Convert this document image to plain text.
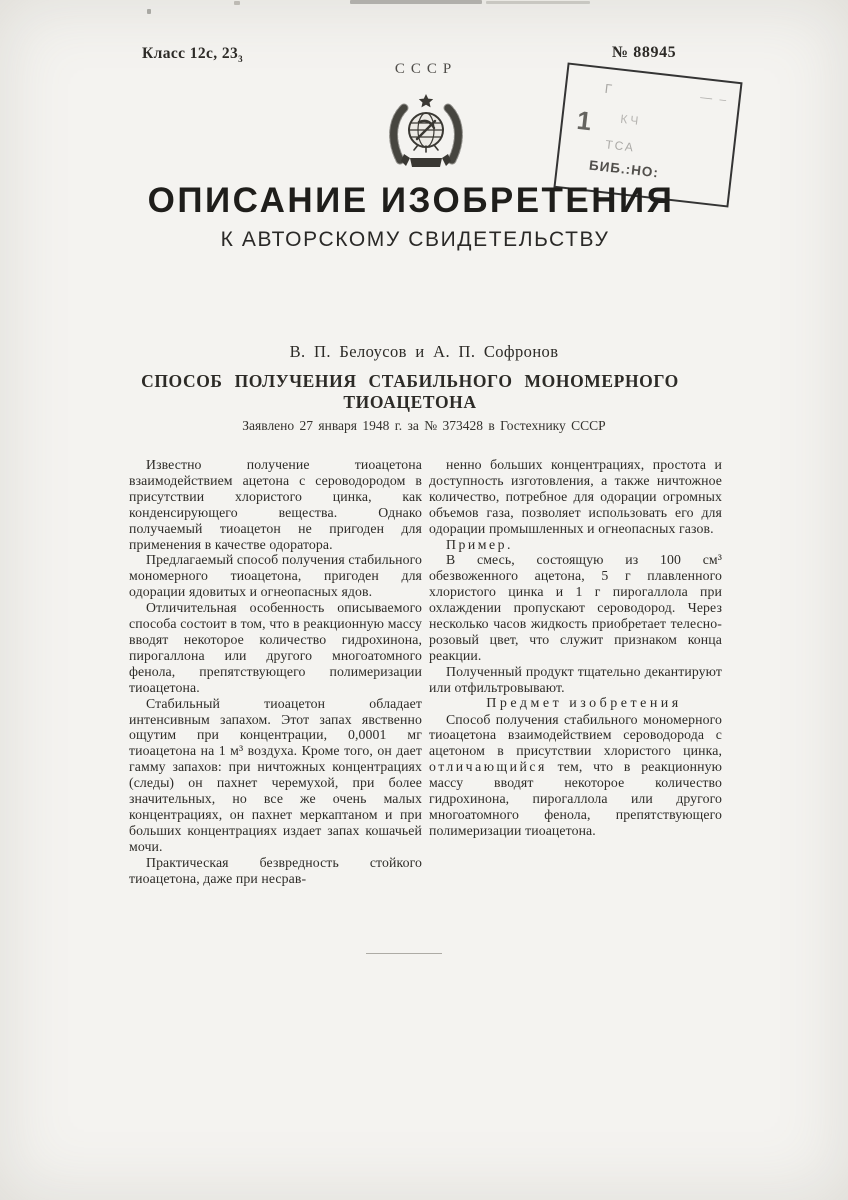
Класс 12с, $23_3$	№ 88945
СССР
Г
— –
1 КЧ
ТСА
БИБ.:НО:
ОПИСАНИЕ ИЗОБРЕТЕНИЯ
К АВТОРСКОМУ СВИДЕТЕЛЬСТВУ
В. П. Белоусов и А. П. Софронов
СПОСОБ ПОЛУЧЕНИЯ СТАБИЛЬНОГО МОНОМЕРНОГО
ТИОАЦЕТОНА
Заявлено 27 января 1948 г. за № 373428 в Гостехнику СССР

Известно получение тиоацетона взаимодействием ацетона с сероводородом в присутствии хлористого цинка, как конденсирующего вещества. Однако получаемый тиоацетон не пригоден для применения в качестве одоратора.

Предлагаемый способ получения стабильного мономерного тиоацетона, пригоден для одорации ядовитых и огнеопасных ядов.

Отличительная особенность описываемого способа состоит в том, что в реакционную массу вводят некоторое количество гидрохинона, пирогаллона или другого многоатомного фенола, препятствующего полимеризации тиоацетона.

Стабильный тиоацетон обладает интенсивным запахом. Этот запах явственно ощутим при концентрации, 0,0001 мг тиоацетона на 1 м³ воздуха. Кроме того, он дает гамму запахов: при ничтожных концентрациях (следы) он пахнет черемухой, при более значительных, но все же очень малых концентрациях, он пахнет меркаптаном и при больших концентрациях издает запах кошачьей мочи.

Практическая безвредность стойкого тиоацетона, даже при несрав-

ненно больших концентрациях, простота и доступность изготовления, а также ничтожное количество, потребное для одорации огромных объемов газа, позволяет использовать его для одорации промышленных и огнеопасных газов.

Пример.

В смесь, состоящую из 100 см³ обезвоженного ацетона, 5 г плавленного хлористого цинка и 1 г пирогаллола при охлаждении пропускают сероводород. Через несколько часов жидкость приобретает телесно-розовый цвет, что служит признаком конца реакции.

Полученный продукт тщательно декантируют или отфильтровывают.

Предмет изобретения

Способ получения стабильного мономерного тиоацетона взаимодействием сероводорода с ацетоном в присутствии хлористого цинка, отличающийся тем, что в реакционную массу вводят некоторое количество гидрохинона, пирогаллола или другого многоатомного фенола, препятствующего полимеризации тиоацетона.
